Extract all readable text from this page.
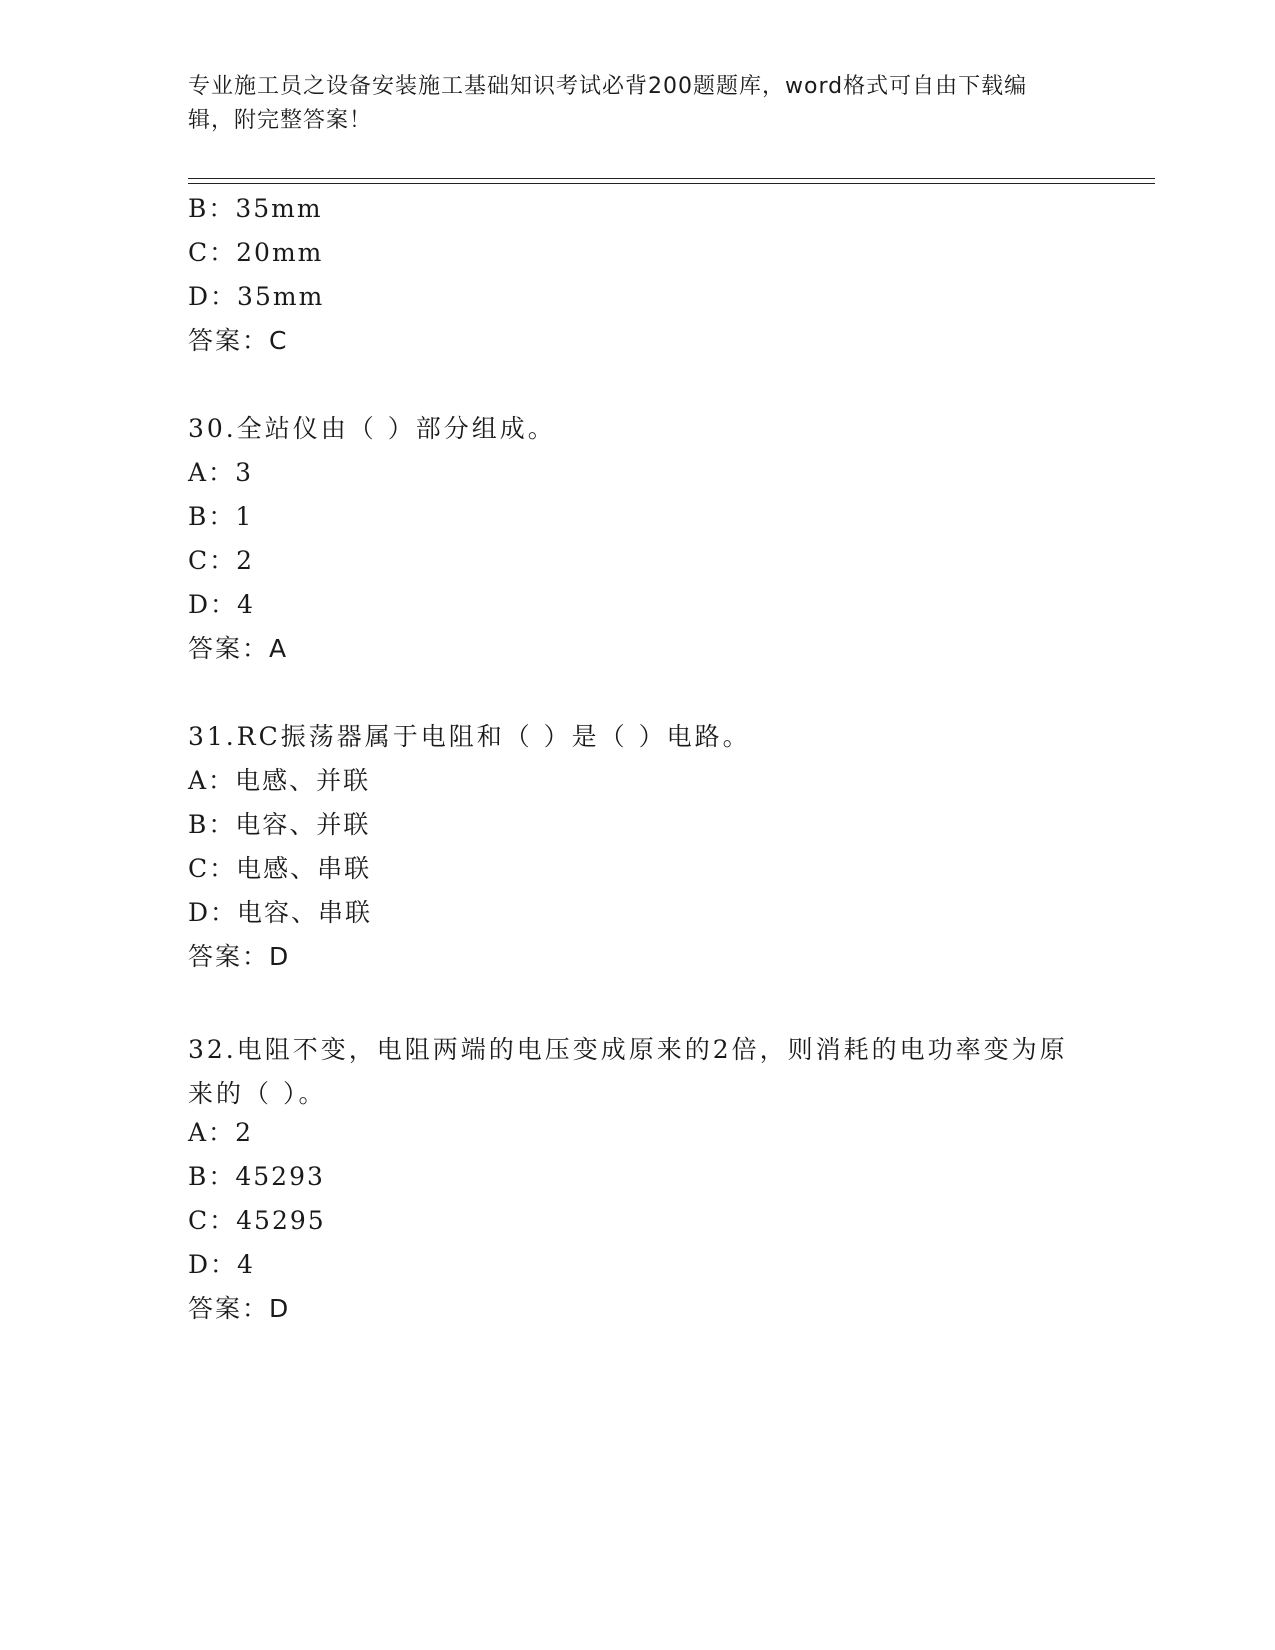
专业施工员之设备安装施工基础知识考试必背200题题库，word格式可自由下载编辑，附完整答案！
B：35mm
C：20mm
D：35mm
答案：C
30.全站仪由（ ）部分组成。
A：3
B：1
C：2
D：4
答案：A
31.RC振荡器属于电阻和（ ）是（ ）电路。
A：电感、并联
B：电容、并联
C：电感、串联
D：电容、串联
答案：D
32.电阻不变，电阻两端的电压变成原来的2倍，则消耗的电功率变为原来的（ ）。
A：2
B：45293
C：45295
D：4
答案：D
